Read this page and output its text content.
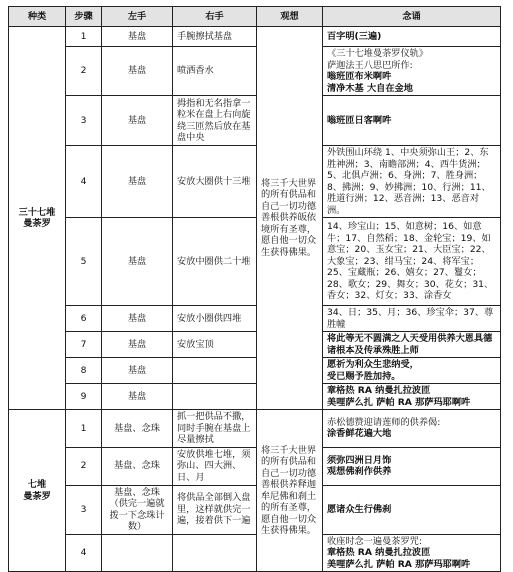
种类	步骤	左手	右手	观想	念诵

三十七堆
曼荼罗	1	基盘	手腕擦拭基盘	将三千大世界的所有供品和自己一切功德善根供养皈依境所有圣尊，愿自他一切众生获得佛果。	百字明(三遍)

	2	基盘	喷洒香水		《三十七堆曼荼罗仪轨》
萨迦法王八思巴所作:
嗡班匝布米啊吽
清净木基 大自在金地

	3	基盘	拇指和无名指拿一粒米在盘上右向旋绕三匝然后放在基盘中央		嗡班匝日客啊吽

	4	基盘	安放大圈供十三堆		外铁围山环绕 1、中央须弥山王；2、东胜神洲；3、南瞻部洲；4、西牛货洲；5、北俱卢洲；6、身洲；7、胜身洲；8、拂洲；9、妙拂洲；10、行洲；11、胜道行洲；12、恶音洲；13、恶音对洲。

	5	基盘	安放中圈供二十堆		14、珍宝山；15、如意树；16、如意牛；17、自然稻；18、金轮宝；19、如意宝；20、玉女宝；21、大臣宝；22、大象宝；23、绀马宝；24、将军宝；25、宝藏瓶；26、嬉女；27、鬘女；28、歌女；29、舞女；30、花女；31、香女；32、灯女；33、涂香女

	6	基盘	安放小圈供四堆		34、日；35、月；36、珍宝伞；37、尊胜幢

	7	基盘	安放宝顶		将此等无不圆满之人天受用供养大恩具德诸根本及传承殊胜上师

	8	基盘			愿祈为利众生悲纳受，
受已赐予胜加持。

	9	基盘			章格热 RA 纳曼扎拉波匝
美哩萨么扎 萨帕 RA 那萨玛耶啊吽

七堆
曼荼罗	1	基盘、念珠	抓一把供品不撒，同时手腕在基盘上尽量擦拭	将三千大世界的所有供品和自己一切功德善根供养释迦牟尼佛和刹土的所有圣尊，愿自他一切众生获得佛果。	赤松德赞迎请莲师的供养偈:
涂香鲜花遍大地

	2	基盘、念珠	安放供堆七堆，须弥山、四大洲、日、月		须弥四洲日月饰
观想佛刹作供养

	3	基盘、念珠（供完一遍就拨一下念珠计数）	将供品全部倒入盘里，这样就供完一遍，接着供下一遍		愿诸众生行佛刹

	4				收座时念一遍曼茶罗咒:
章格热 RA 纳曼扎拉波匝
美哩萨么扎 萨帕 RA 那萨玛耶啊吽
